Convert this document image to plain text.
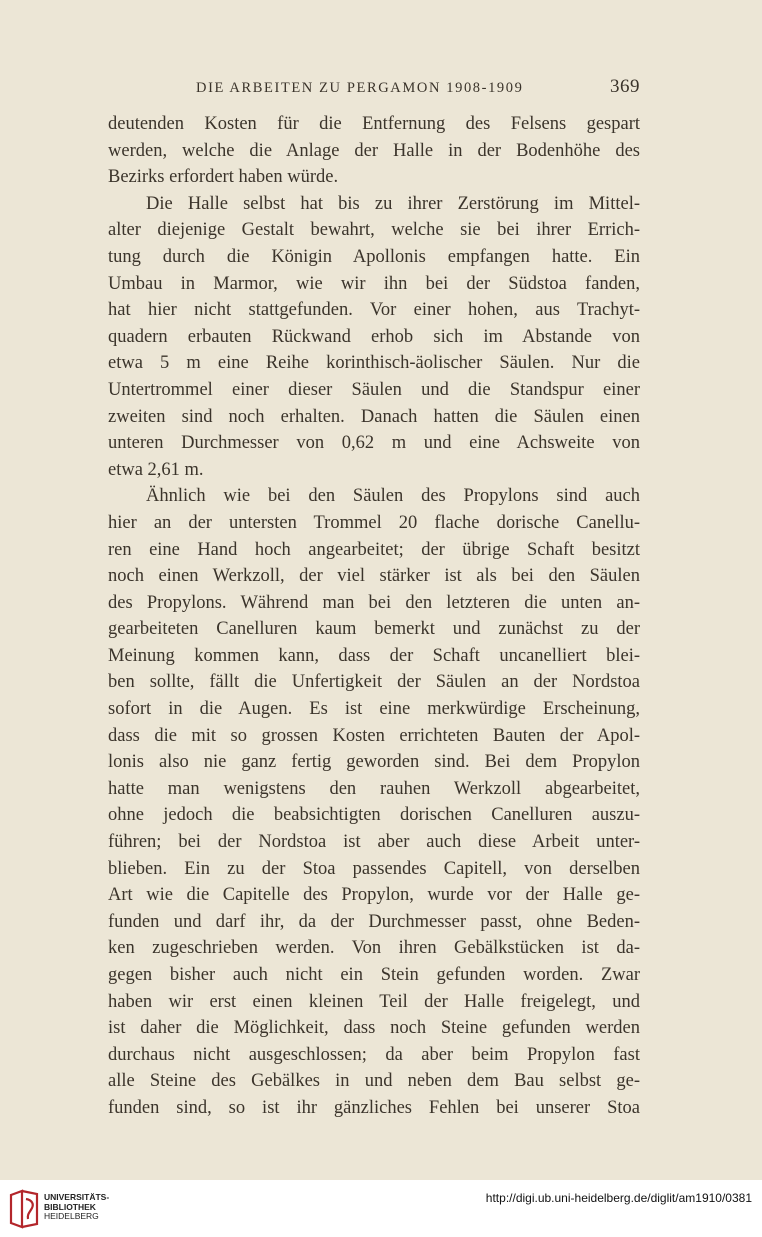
DIE ARBEITEN ZU PERGAMON 1908-1909	369
deutenden Kosten für die Entfernung des Felsens gespart
werden, welche die Anlage der Halle in der Bodenhöhe des
Bezirks erfordert haben würde.
Die Halle selbst hat bis zu ihrer Zerstörung im Mittel-
alter diejenige Gestalt bewahrt, welche sie bei ihrer Errich-
tung durch die Königin Apollonis empfangen hatte. Ein
Umbau in Marmor, wie wir ihn bei der Südstoa fanden,
hat hier nicht stattgefunden. Vor einer hohen, aus Trachyt-
quadern erbauten Rückwand erhob sich im Abstande von
etwa 5 m eine Reihe korinthisch-äolischer Säulen. Nur die
Untertrommel einer dieser Säulen und die Standspur einer
zweiten sind noch erhalten. Danach hatten die Säulen einen
unteren Durchmesser von 0,62 m und eine Achsweite von
etwa 2,61 m.
Ähnlich wie bei den Säulen des Propylons sind auch
hier an der untersten Trommel 20 flache dorische Canellu-
ren eine Hand hoch angearbeitet; der übrige Schaft besitzt
noch einen Werkzoll, der viel stärker ist als bei den Säulen
des Propylons. Während man bei den letzteren die unten an-
gearbeiteten Canelluren kaum bemerkt und zunächst zu der
Meinung kommen kann, dass der Schaft uncanelliert blei-
ben sollte, fällt die Unfertigkeit der Säulen an der Nordstoa
sofort in die Augen. Es ist eine merkwürdige Erscheinung,
dass die mit so grossen Kosten errichteten Bauten der Apol-
lonis also nie ganz fertig geworden sind. Bei dem Propylon
hatte man wenigstens den rauhen Werkzoll abgearbeitet,
ohne jedoch die beabsichtigten dorischen Canelluren auszu-
führen; bei der Nordstoa ist aber auch diese Arbeit unter-
blieben. Ein zu der Stoa passendes Capitell, von derselben
Art wie die Capitelle des Propylon, wurde vor der Halle ge-
funden und darf ihr, da der Durchmesser passt, ohne Beden-
ken zugeschrieben werden. Von ihren Gebälkstücken ist da-
gegen bisher auch nicht ein Stein gefunden worden. Zwar
haben wir erst einen kleinen Teil der Halle freigelegt, und
ist daher die Möglichkeit, dass noch Steine gefunden werden
durchaus nicht ausgeschlossen; da aber beim Propylon fast
alle Steine des Gebälkes in und neben dem Bau selbst ge-
funden sind, so ist ihr gänzliches Fehlen bei unserer Stoa
UNIVERSITÄTS-
BIBLIOTHEK
HEIDELBERG
http://digi.ub.uni-heidelberg.de/diglit/am1910/0381
